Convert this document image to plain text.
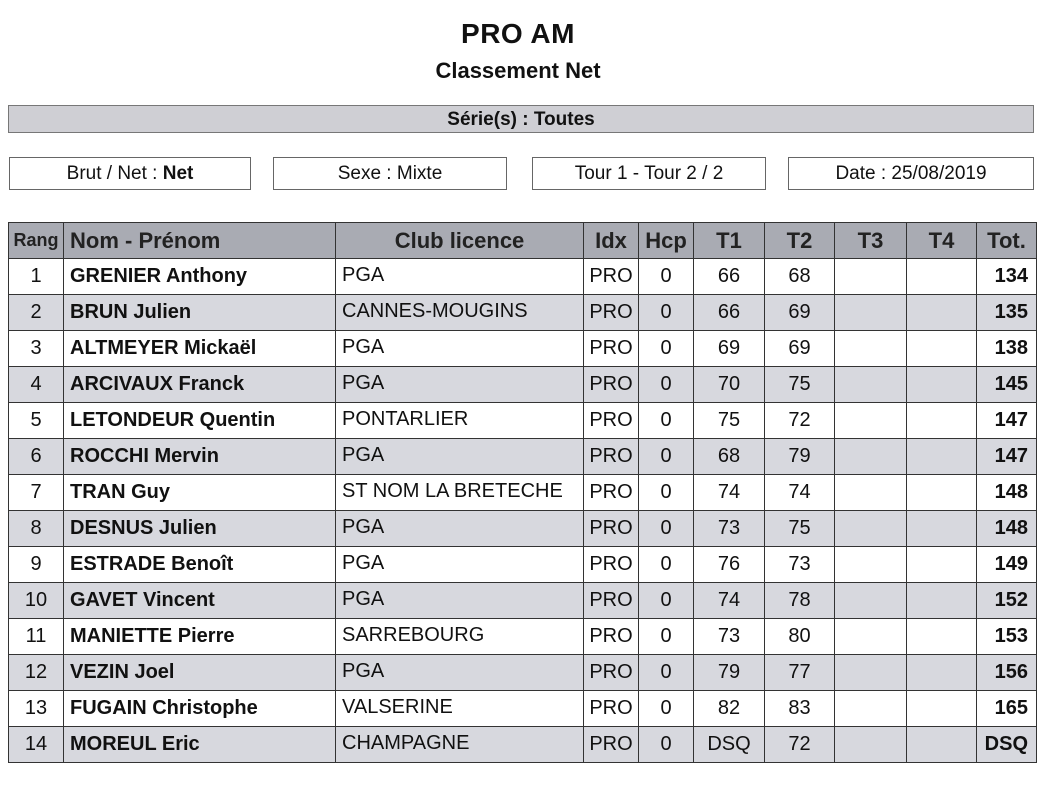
PRO AM
Classement Net
Série(s) : Toutes
Brut / Net : Net	Sexe : Mixte	Tour 1 - Tour 2 / 2	Date : 25/08/2019
Rang	Nom - Prénom	Club licence	Idx	Hcp	T1	T2	T3	T4	Tot.
1	GRENIER Anthony	PGA	PRO	0	66	68			134
2	BRUN Julien	CANNES-MOUGINS	PRO	0	66	69			135
3	ALTMEYER Mickaël	PGA	PRO	0	69	69			138
4	ARCIVAUX Franck	PGA	PRO	0	70	75			145
5	LETONDEUR Quentin	PONTARLIER	PRO	0	75	72			147
6	ROCCHI Mervin	PGA	PRO	0	68	79			147
7	TRAN Guy	ST NOM LA BRETECHE	PRO	0	74	74			148
8	DESNUS Julien	PGA	PRO	0	73	75			148
9	ESTRADE Benoît	PGA	PRO	0	76	73			149
10	GAVET Vincent	PGA	PRO	0	74	78			152
11	MANIETTE Pierre	SARREBOURG	PRO	0	73	80			153
12	VEZIN Joel	PGA	PRO	0	79	77			156
13	FUGAIN Christophe	VALSERINE	PRO	0	82	83			165
14	MOREUL Eric	CHAMPAGNE	PRO	0	DSQ	72			DSQ
